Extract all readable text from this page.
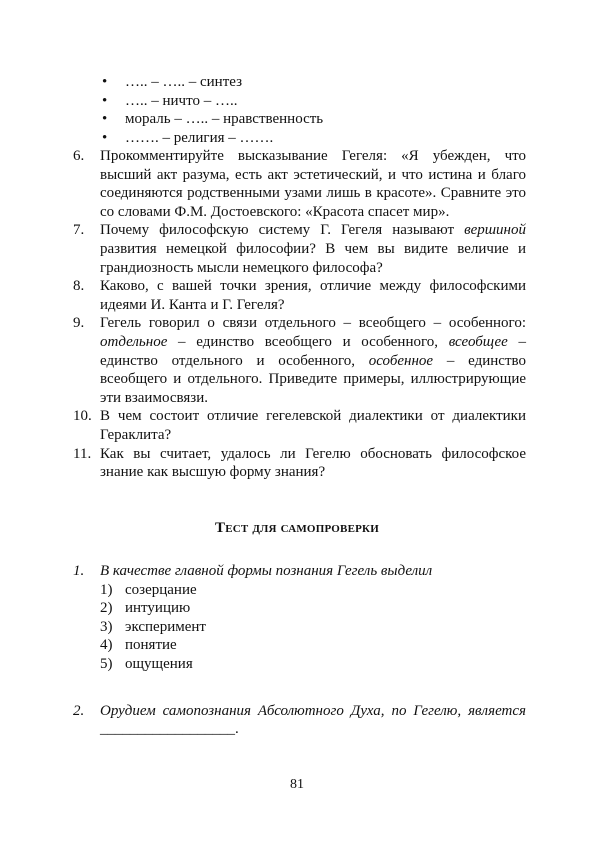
• ….. – ….. – синтез
• ….. – ничто – …..
• мораль – ….. – нравственность
• ……. – религия – …….
6.	Прокомментируйте высказывание Гегеля: «Я убежден, что высший акт разума, есть акт эстетический, и что истина и благо соединяются родственными узами лишь в красоте». Сравните это со словами Ф.М. Достоевского: «Красота спасет мир».
7.	Почему философскую систему Г. Гегеля называют вершиной развития немецкой философии? В чем вы видите величие и грандиозность мысли немецкого философа?
8.	Каково, с вашей точки зрения, отличие между философскими идеями И. Канта и Г. Гегеля?
9.	Гегель говорил о связи отдельного – всеобщего – особенного: отдельное – единство всеобщего и особенного, всеобщее – единство отдельного и особенного, особенное – единство всеобщего и отдельного. Приведите примеры, иллюстрирующие эти взаимосвязи.
10. В чем состоит отличие гегелевской диалектики от диалектики Гераклита?
11. Как вы считает, удалось ли Гегелю обосновать философское знание как высшую форму знания?
Тест для самопроверки
1.	В качестве главной формы познания Гегель выделил
1) созерцание
2) интуицию
3) эксперимент
4) понятие
5) ощущения
2.	Орудием самопознания Абсолютного Духа, по Гегелю, является __________________.
81
